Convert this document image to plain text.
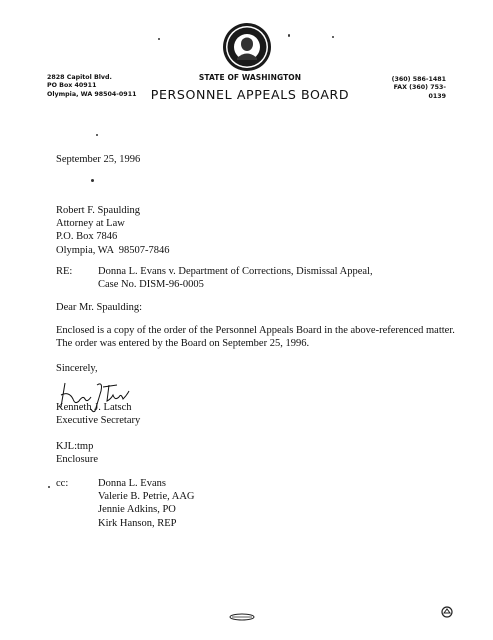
2828 Capitol Blvd.
PO Box 40911
Olympia, WA 98504-0911
STATE OF WASHINGTON
PERSONNEL APPEALS BOARD
(360) 586-1481
FAX (360) 753-0139
September 25, 1996
Robert F. Spaulding
Attorney at Law
P.O. Box 7846
Olympia, WA  98507-7846
RE: Donna L. Evans v. Department of Corrections, Dismissal Appeal,
Case No. DISM-96-0005
Dear Mr. Spaulding:
Enclosed is a copy of the order of the Personnel Appeals Board in the above-referenced matter.
The order was entered by the Board on September 25, 1996.
Sincerely,
Kenneth J. Latsch
Executive Secretary
KJL:tmp
Enclosure
cc:	Donna L. Evans
Valerie B. Petrie, AAG
Jennie Adkins, PO
Kirk Hanson, REP
